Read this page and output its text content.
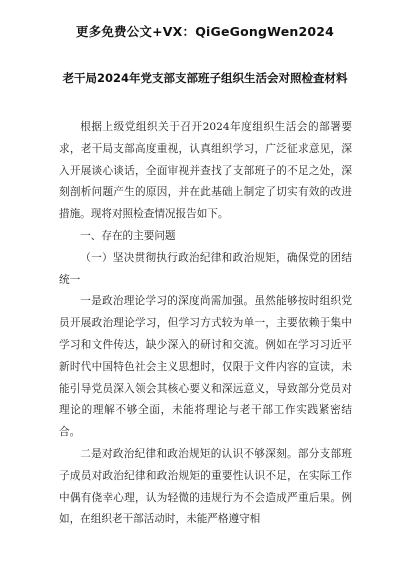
更多免费公文+VX：QiGeGongWen2024
老干局2024年党支部支部班子组织生活会对照检查材料

根据上级党组织关于召开2024年度组织生活会的部署要求，老干局支部高度重视，认真组织学习，广泛征求意见，深入开展谈心谈话，全面审视并查找了支部班子的不足之处，深刻剖析问题产生的原因，并在此基础上制定了切实有效的改进措施。现将对照检查情况报告如下。

一、存在的主要问题

（一）坚决贯彻执行政治纪律和政治规矩，确保党的团结统一

一是政治理论学习的深度尚需加强。虽然能够按时组织党员开展政治理论学习，但学习方式较为单一，主要依赖于集中学习和文件传达，缺少深入的研讨和交流。例如在学习习近平新时代中国特色社会主义思想时，仅限于文件内容的宣读，未能引导党员深入领会其核心要义和深远意义，导致部分党员对理论的理解不够全面，未能将理论与老干部工作实践紧密结合。

二是对政治纪律和政治规矩的认识不够深刻。部分支部班子成员对政治纪律和政治规矩的重要性认识不足，在实际工作中偶有侥幸心理，认为轻微的违规行为不会造成严重后果。例如，在组织老干部活动时，未能严格遵守相
